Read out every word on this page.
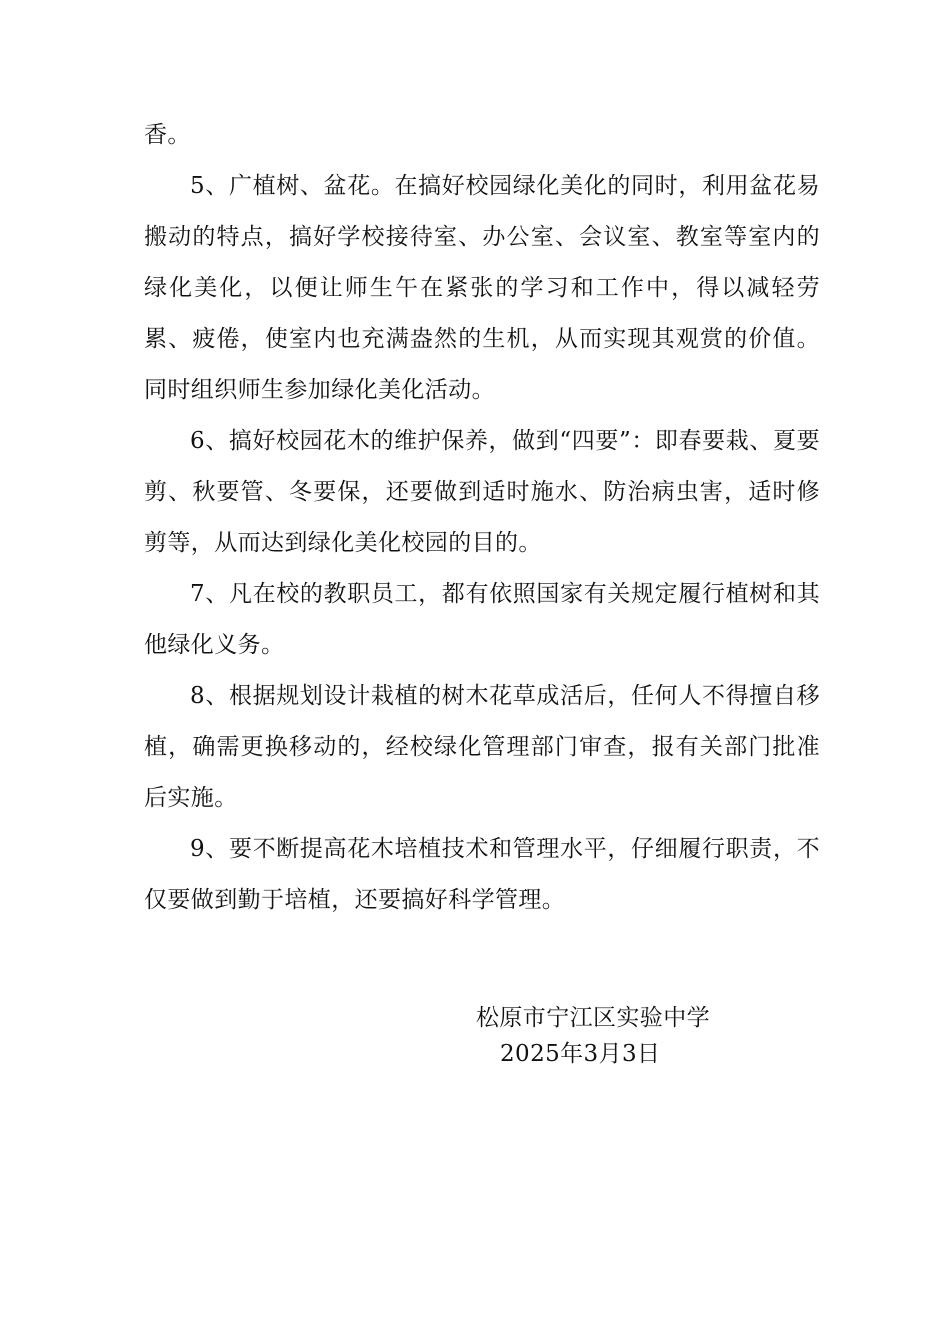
香。

5、广植树、盆花。在搞好校园绿化美化的同时，利用盆花易搬动的特点，搞好学校接待室、办公室、会议室、教室等室内的绿化美化，以便让师生午在紧张的学习和工作中，得以减轻劳累、疲倦，使室内也充满盎然的生机，从而实现其观赏的价值。同时组织师生参加绿化美化活动。

6、搞好校园花木的维护保养，做到“四要”：即春要栽、夏要剪、秋要管、冬要保，还要做到适时施水、防治病虫害，适时修剪等，从而达到绿化美化校园的目的。

7、凡在校的教职员工，都有依照国家有关规定履行植树和其他绿化义务。

8、根据规划设计栽植的树木花草成活后，任何人不得擅自移植，确需更换移动的，经校绿化管理部门审查，报有关部门批准后实施。

9、要不断提高花木培植技术和管理水平，仔细履行职责，不仅要做到勤于培植，还要搞好科学管理。

松原市宁江区实验中学
2025年3月3日
